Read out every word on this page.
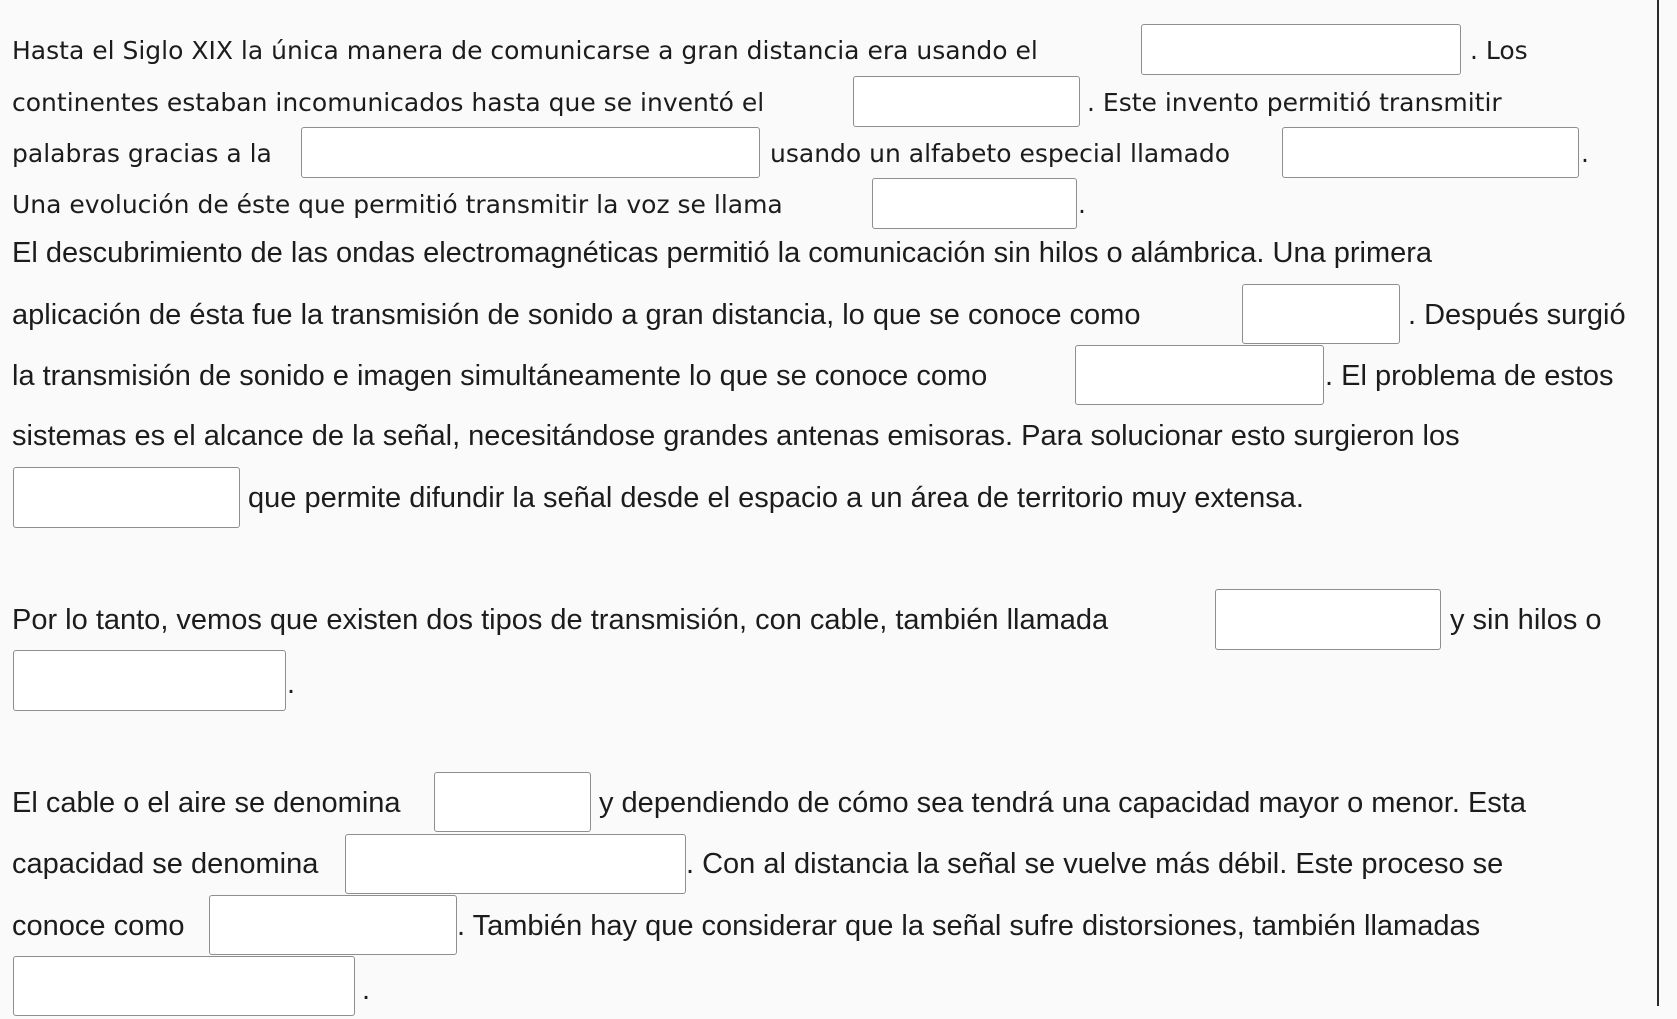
Hasta el Siglo XIX la única manera de comunicarse a gran distancia era usando el	. Los
continentes estaban incomunicados hasta que se inventó el	. Este invento permitió transmitir
palabras gracias a la	usando un alfabeto especial llamado	.
Una evolución de éste que permitió transmitir la voz se llama	.
El descubrimiento de las ondas electromagnéticas permitió la comunicación sin hilos o alámbrica. Una primera
aplicación de ésta fue la transmisión de sonido a gran distancia, lo que se conoce como	. Después surgió
la transmisión de sonido e imagen simultáneamente lo que se conoce como	. El problema de estos
sistemas es el alcance de la señal, necesitándose grandes antenas emisoras. Para solucionar esto surgieron los
que permite difundir la señal desde el espacio a un área de territorio muy extensa.
Por lo tanto, vemos que existen dos tipos de transmisión, con cable, también llamada	y sin hilos o
.
El cable o el aire se denomina	y dependiendo de cómo sea tendrá una capacidad mayor o menor. Esta
capacidad se denomina	. Con al distancia la señal se vuelve más débil. Este proceso se
conoce como	. También hay que considerar que la señal sufre distorsiones, también llamadas
.
